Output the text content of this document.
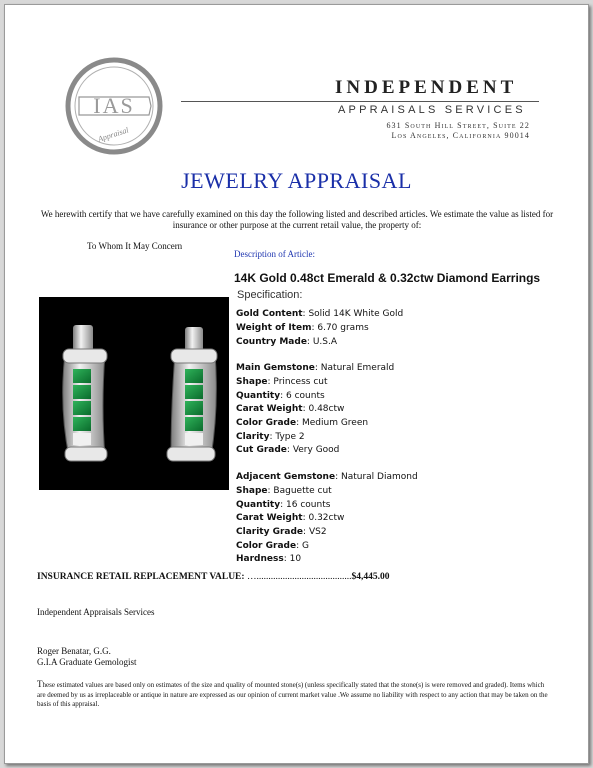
IAS
Appraisal
INDEPENDENT
APPRAISALS SERVICES
631 South Hill Street, Suite 22
Los Angeles, California 90014
JEWELRY APPRAISAL
We herewith certify that we have carefully examined on this day the following listed and described articles. We estimate the value as listed for insurance or other purpose at the current retail value, the property of:
To Whom It May Concern
Description of Article:
14K Gold 0.48ct Emerald & 0.32ctw Diamond Earrings
Specification:
Gold Content: Solid 14K White Gold
Weight of Item: 6.70 grams
Country Made: U.S.A
Main Gemstone: Natural Emerald
Shape: Princess cut
Quantity: 6 counts
Carat Weight: 0.48ctw
Color Grade: Medium Green
Clarity: Type 2
Cut Grade: Very Good
Adjacent Gemstone: Natural Diamond
Shape: Baguette cut
Quantity: 16 counts
Carat Weight: 0.32ctw
Clarity Grade: VS2
Color Grade: G
Hardness: 10
INSURANCE RETAIL REPLACEMENT VALUE: …........................................$4,445.00
Independent Appraisals Services
Roger Benatar, G.G.
G.I.A Graduate Gemologist
These estimated values are based only on estimates of the size and quality of mounted stone(s) (unless specifically stated that the stone(s) is were removed and graded). Items which are deemed by us as irreplaceable or antique in nature are expressed as our opinion of current market value .We assume no liability with respect to any action that may be taken on the basis of this appraisal.
